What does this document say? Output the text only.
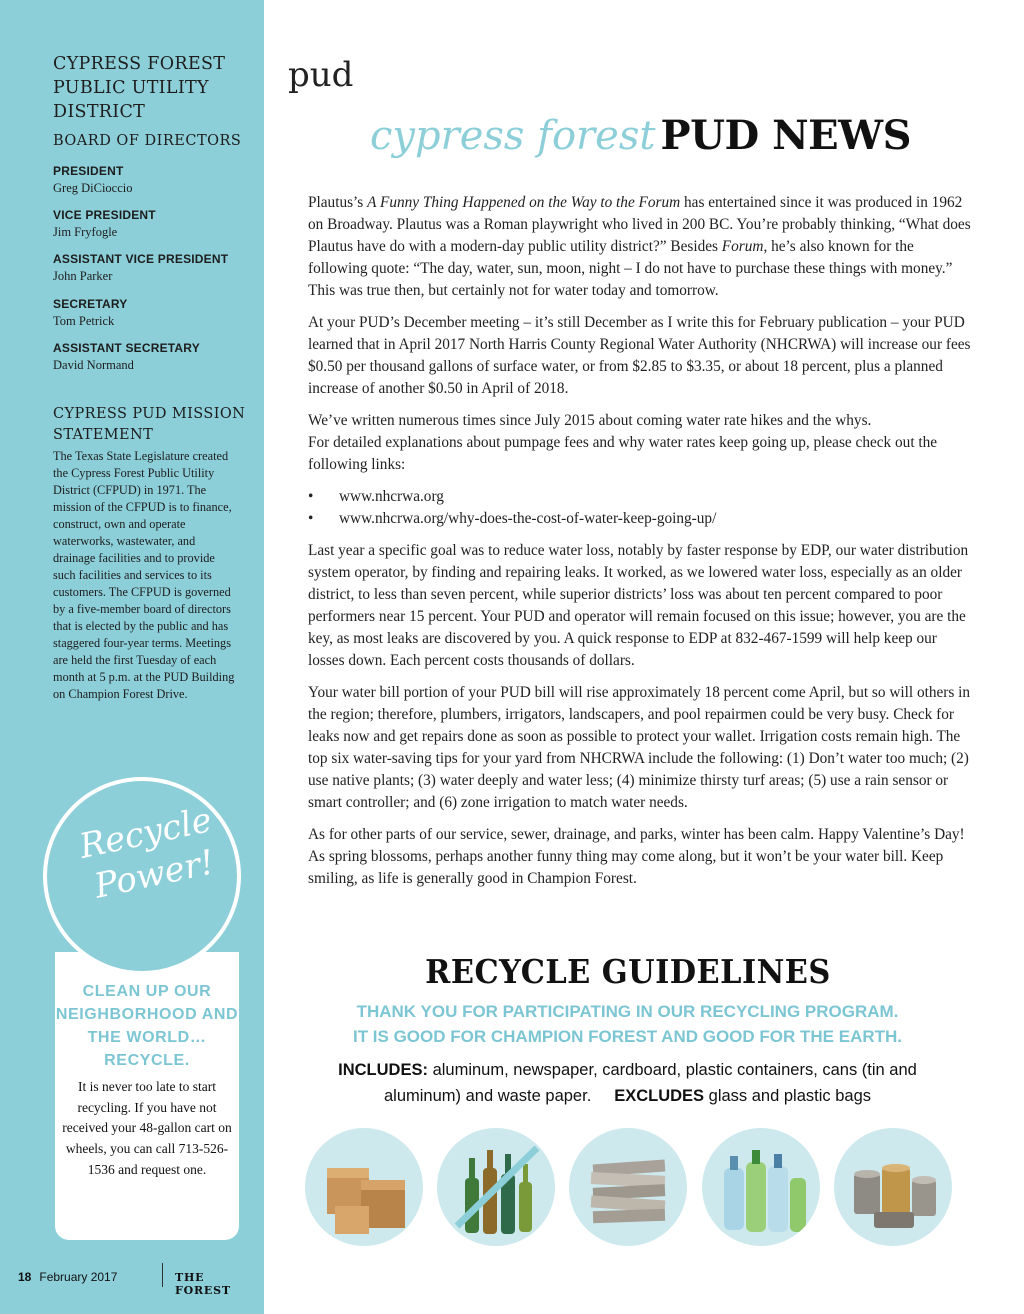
CYPRESS FOREST PUBLIC UTILITY DISTRICT
BOARD OF DIRECTORS
PRESIDENT
Greg DiCioccio
VICE PRESIDENT
Jim Fryfogle
ASSISTANT VICE PRESIDENT
John Parker
SECRETARY
Tom Petrick
ASSISTANT SECRETARY
David Normand
CYPRESS PUD MISSION STATEMENT
The Texas State Legislature created the Cypress Forest Public Utility District (CFPUD) in 1971. The mission of the CFPUD is to finance, construct, own and operate waterworks, wastewater, and drainage facilities and to provide such facilities and services to its customers. The CFPUD is governed by a five-member board of directors that is elected by the public and has staggered four-year terms. Meetings are held the first Tuesday of each month at 5 p.m. at the PUD Building on Champion Forest Drive.
Recycle Power!
CLEAN UP OUR NEIGHBORHOOD AND THE WORLD… RECYCLE.
It is never too late to start recycling. If you have not received your 48-gallon cart on wheels, you can call 713-526-1536 and request one.
18 February 2017	THE FOREST
pud
cypress forest PUD NEWS

Plautus’s A Funny Thing Happened on the Way to the Forum has entertained since it was produced in 1962 on Broadway. Plautus was a Roman playwright who lived in 200 BC. You’re probably thinking, “What does Plautus have do with a modern-day public utility district?” Besides Forum, he’s also known for the following quote: “The day, water, sun, moon, night – I do not have to purchase these things with money.” This was true then, but certainly not for water today and tomorrow.

At your PUD’s December meeting – it’s still December as I write this for February publication – your PUD learned that in April 2017 North Harris County Regional Water Authority (NHCRWA) will increase our fees $0.50 per thousand gallons of surface water, or from $2.85 to $3.35, or about 18 percent, plus a planned increase of another $0.50 in April of 2018.

We’ve written numerous times since July 2015 about coming water rate hikes and the whys.
For detailed explanations about pumpage fees and why water rates keep going up, please check out the following links:

• www.nhcrwa.org
• www.nhcrwa.org/why-does-the-cost-of-water-keep-going-up/

Last year a specific goal was to reduce water loss, notably by faster response by EDP, our water distribution system operator, by finding and repairing leaks. It worked, as we lowered water loss, especially as an older district, to less than seven percent, while superior districts’ loss was about ten percent compared to poor performers near 15 percent. Your PUD and operator will remain focused on this issue; however, you are the key, as most leaks are discovered by you. A quick response to EDP at 832-467-1599 will help keep our losses down. Each percent costs thousands of dollars.

Your water bill portion of your PUD bill will rise approximately 18 percent come April, but so will others in the region; therefore, plumbers, irrigators, landscapers, and pool repairmen could be very busy. Check for leaks now and get repairs done as soon as possible to protect your wallet. Irrigation costs remain high. The top six water-saving tips for your yard from NHCRWA include the following: (1) Don’t water too much; (2) use native plants; (3) water deeply and water less; (4) minimize thirsty turf areas; (5) use a rain sensor or smart controller; and (6) zone irrigation to match water needs.

As for other parts of our service, sewer, drainage, and parks, winter has been calm. Happy Valentine’s Day! As spring blossoms, perhaps another funny thing may come along, but it won’t be your water bill. Keep smiling, as life is generally good in Champion Forest.

RECYCLE GUIDELINES
THANK YOU FOR PARTICIPATING IN OUR RECYCLING PROGRAM.
IT IS GOOD FOR CHAMPION FOREST AND GOOD FOR THE EARTH.
INCLUDES: aluminum, newspaper, cardboard, plastic containers, cans (tin and aluminum) and waste paper. EXCLUDES glass and plastic bags
